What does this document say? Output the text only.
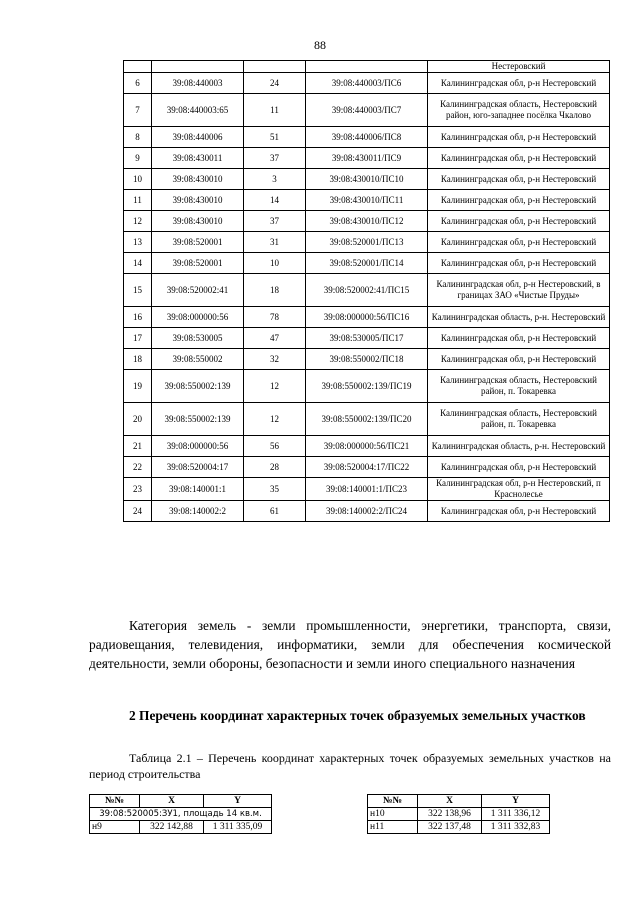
88
				Нестеровский
6	39:08:440003	24	39:08:440003/ПС6	Калининградская обл, р-н Нестеровский
7	39:08:440003:65	11	39:08:440003/ПС7	Калининградская область, Нестеровский район, юго-западнее посёлка Чкалово
8	39:08:440006	51	39:08:440006/ПС8	Калининградская обл, р-н Нестеровский
9	39:08:430011	37	39:08:430011/ПС9	Калининградская обл, р-н Нестеровский
10	39:08:430010	3	39:08:430010/ПС10	Калининградская обл, р-н Нестеровский
11	39:08:430010	14	39:08:430010/ПС11	Калининградская обл, р-н Нестеровский
12	39:08:430010	37	39:08:430010/ПС12	Калининградская обл, р-н Нестеровский
13	39:08:520001	31	39:08:520001/ПС13	Калининградская обл, р-н Нестеровский
14	39:08:520001	10	39:08:520001/ПС14	Калининградская обл, р-н Нестеровский
15	39:08:520002:41	18	39:08:520002:41/ПС15	Калининградская обл, р-н Нестеровский, в границах ЗАО «Чистые Пруды»
16	39:08:000000:56	78	39:08:000000:56/ПС16	Калининградская область, р-н. Нестеровский
17	39:08:530005	47	39:08:530005/ПС17	Калининградская обл, р-н Нестеровский
18	39:08:550002	32	39:08:550002/ПС18	Калининградская обл, р-н Нестеровский
19	39:08:550002:139	12	39:08:550002:139/ПС19	Калининградская область, Нестеровский район, п. Токаревка
20	39:08:550002:139	12	39:08:550002:139/ПС20	Калининградская область, Нестеровский район, п. Токаревка
21	39:08:000000:56	56	39:08:000000:56/ПС21	Калининградская область, р-н. Нестеровский
22	39:08:520004:17	28	39:08:520004:17/ПС22	Калининградская обл, р-н Нестеровский
23	39:08:140001:1	35	39:08:140001:1/ПС23	Калининградская обл, р-н Нестеровский, п Краснолесье
24	39:08:140002:2	61	39:08:140002:2/ПС24	Калининградская обл, р-н Нестеровский
Категория земель - земли промышленности, энергетики, транспорта, связи, радиовещания, телевидения, информатики, земли для обеспечения космической деятельности, земли обороны, безопасности и земли иного специального назначения
2 Перечень координат характерных точек образуемых земельных участков
Таблица 2.1 – Перечень координат характерных точек образуемых земельных участков на период строительства
№№	X	Y
39:08:520005:ЗУ1, площадь 14 кв.м.		
н9	322 142,88	1 311 335,09
№№	X	Y
н10	322 138,96	1 311 336,12
н11	322 137,48	1 311 332,83
